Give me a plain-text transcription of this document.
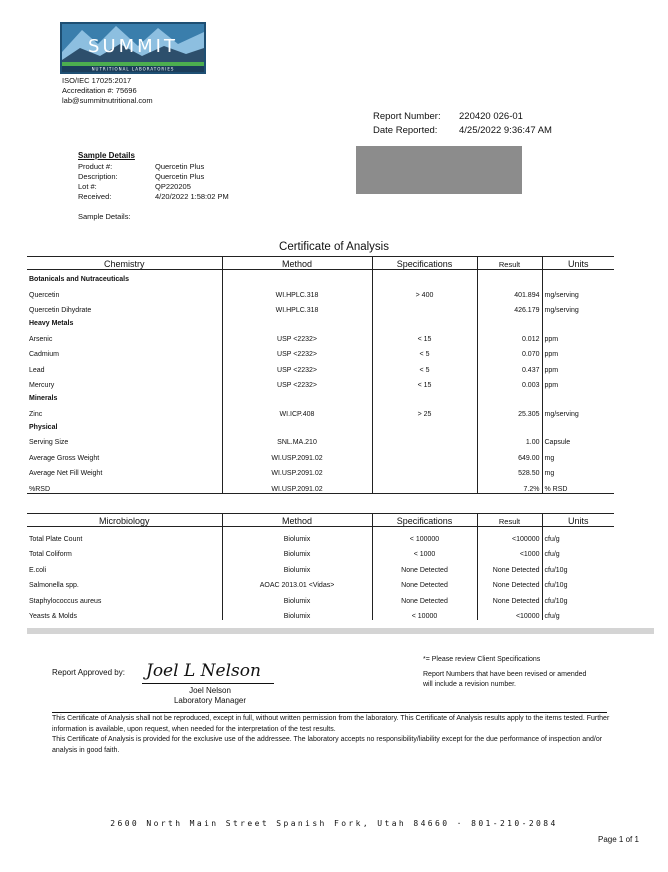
SUMMIT
NUTRITIONAL LABORATORIES
ISO/IEC 17025:2017
Accreditation #: 75696
lab@summitnutritional.com
Report Number: 220420 026-01
Date Reported: 4/25/2022 9:36:47 AM
Sample Details
Product #:	Quercetin Plus
Description:	Quercetin Plus
Lot #:	QP220205
Received:	4/20/2022 1:58:02 PM
Sample Details:
Certificate of Analysis
Chemistry	Method	Specifications	Result	Units
Botanicals and Nutraceuticals				
Quercetin	WI.HPLC.318	> 400	401.894	mg/serving
Quercetin Dihydrate	WI.HPLC.318		426.179	mg/serving
Heavy Metals				
Arsenic	USP <2232>	< 15	0.012	ppm
Cadmium	USP <2232>	< 5	0.070	ppm
Lead	USP <2232>	< 5	0.437	ppm
Mercury	USP <2232>	< 15	0.003	ppm
Minerals				
Zinc	WI.ICP.408	> 25	25.305	mg/serving
Physical				
Serving Size	SNL.MA.210		1.00	Capsule
Average Gross Weight	WI.USP.2091.02		649.00	mg
Average Net Fill Weight	WI.USP.2091.02		528.50	mg
%RSD	WI.USP.2091.02		7.2%	% RSD
Microbiology	Method	Specifications	Result	Units
Total Plate Count	Biolumix	< 100000	<100000	cfu/g
Total Coliform	Biolumix	< 1000	<1000	cfu/g
E.coli	Biolumix	None Detected	None Detected	cfu/10g
Salmonella spp.	AOAC 2013.01 <Vidas>	None Detected	None Detected	cfu/10g
Staphylococcus aureus	Biolumix	None Detected	None Detected	cfu/10g
Yeasts & Molds	Biolumix	< 10000	<10000	cfu/g
Report Approved by: Joel L Nelson
Joel Nelson
Laboratory Manager
*= Please review Client Specifications
Report Numbers that have been revised or amended will include a revision number.
This Certificate of Analysis shall not be reproduced, except in full, without written permission from the laboratory. This Certificate of Analysis results apply to the items tested. Further information is available, upon request, when needed for the interpretation of the test results.
This Certificate of Analysis is provided for the exclusive use of the addressee. The laboratory accepts no responsibility/liability except for the due performance of inspection and/or analysis in good faith.
2600 North Main Street Spanish Fork, Utah 84660 · 801-210-2084
Page 1 of 1
